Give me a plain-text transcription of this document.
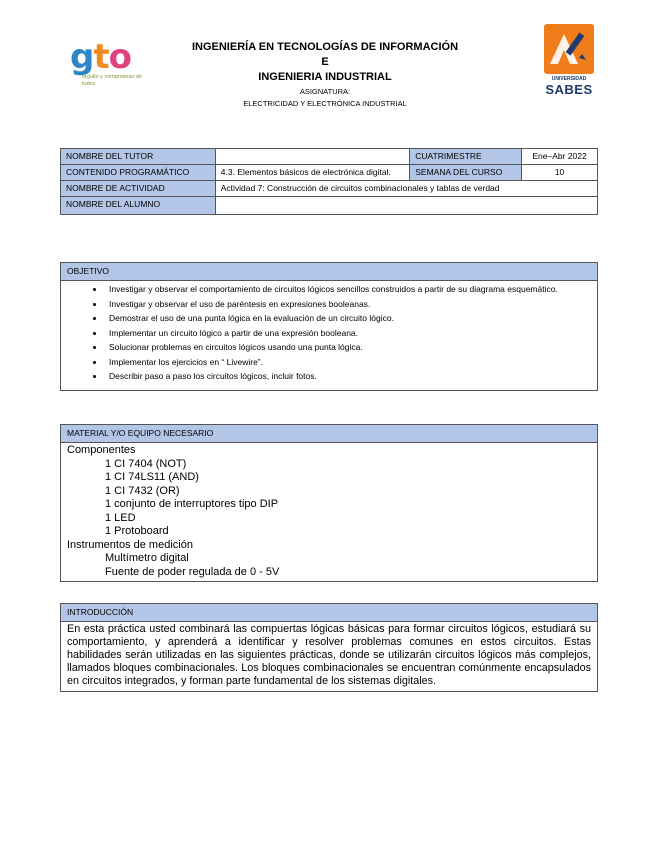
gto
orgullo y compromiso de todos
INGENIERÍA EN TECNOLOGÍAS DE INFORMACIÓN E
INGENIERIA INDUSTRIAL
ASIGNATURA:
ELECTRICIDAD Y ELECTRÓNICA INDUSTRIAL
UNIVERSIDAD
SABES
NOMBRE DEL TUTOR		CUATRIMESTRE	Ene–Abr 2022
CONTENIDO PROGRAMÁTICO	4.3. Elementos básicos de electrónica digital.	SEMANA DEL CURSO	10
NOMBRE DE ACTIVIDAD	Actividad 7: Construcción de circuitos combinacionales y tablas de verdad		
NOMBRE DEL ALUMNO			
OBJETIVO
• Investigar y observar el comportamiento de circuitos lógicos sencillos construidos a partir de su diagrama esquemático.
• Investigar y observar el uso de paréntesis en expresiones booleanas.
• Demostrar el uso de una punta lógica en la evaluación de un circuito lógico.
• Implementar un circuito lógico a partir de una expresión booleana.
• Solucionar problemas en circuitos lógicos usando una punta lógica.
• Implementar los ejercicios en “ Livewire”.
• Describir paso a paso los circuitos lógicos, incluir fotos.
MATERIAL Y/O EQUIPO NECESARIO
Componentes
1 CI 7404 (NOT)
1 CI 74LS11 (AND)
1 CI 7432 (OR)
1 conjunto de interruptores tipo DIP
1 LED
1 Protoboard
Instrumentos de medición
Multímetro digital
Fuente de poder regulada de 0 - 5V
INTRODUCCIÓN
En esta práctica usted combinará las compuertas lógicas básicas para formar circuitos lógicos, estudiará su comportamiento, y aprenderá a identificar y resolver problemas comunes en estos circuitos. Estas habilidades serán utilizadas en las siguientes prácticas, donde se utilizarán circuitos lógicos más complejos, llamados bloques combinacionales. Los bloques combinacionales se encuentran comúnmente encapsulados en circuitos integrados, y forman parte fundamental de los sistemas digitales.
